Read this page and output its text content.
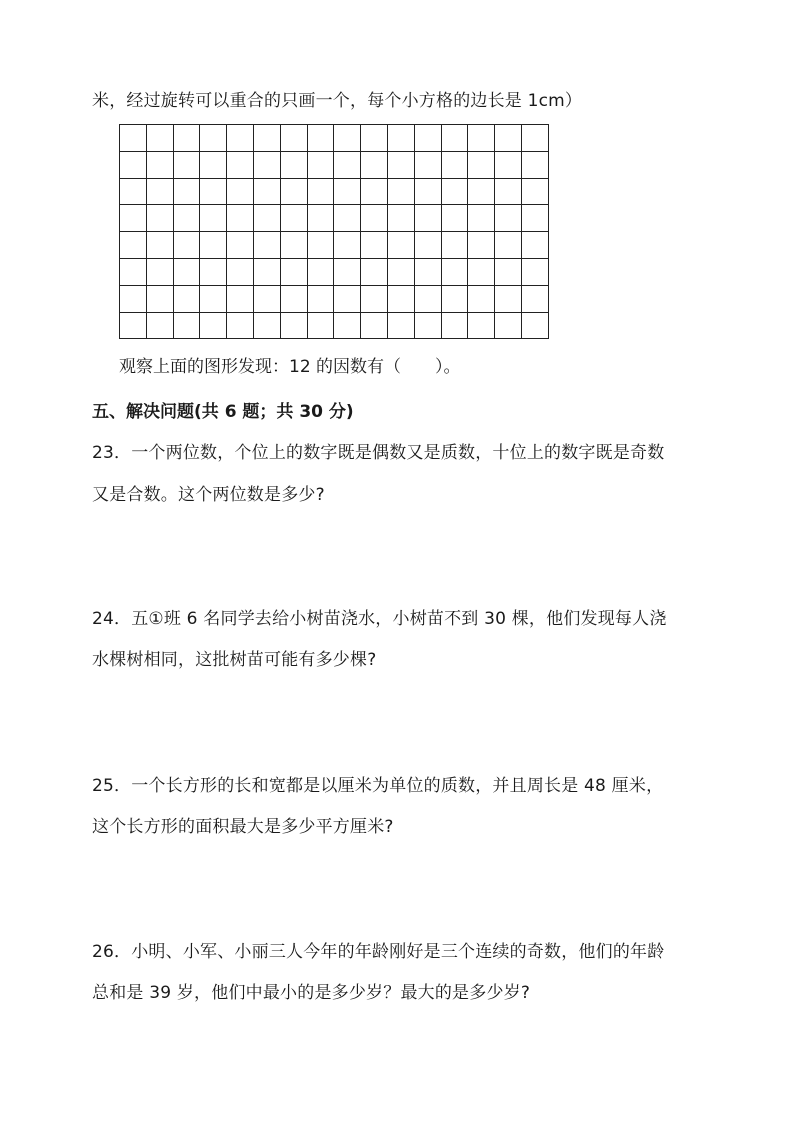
米，经过旋转可以重合的只画一个，每个小方格的边长是 1cm）

观察上面的图形发现：12 的因数有（　　）。
五、解决问题(共 6 题；共 30 分)
23．一个两位数，个位上的数字既是偶数又是质数，十位上的数字既是奇数
又是合数。这个两位数是多少?
24．五①班 6 名同学去给小树苗浇水，小树苗不到 30 棵，他们发现每人浇
水棵树相同，这批树苗可能有多少棵?
25．一个长方形的长和宽都是以厘米为单位的质数，并且周长是 48 厘米，
这个长方形的面积最大是多少平方厘米?
26．小明、小军、小丽三人今年的年龄刚好是三个连续的奇数，他们的年龄
总和是 39 岁，他们中最小的是多少岁？最大的是多少岁?
